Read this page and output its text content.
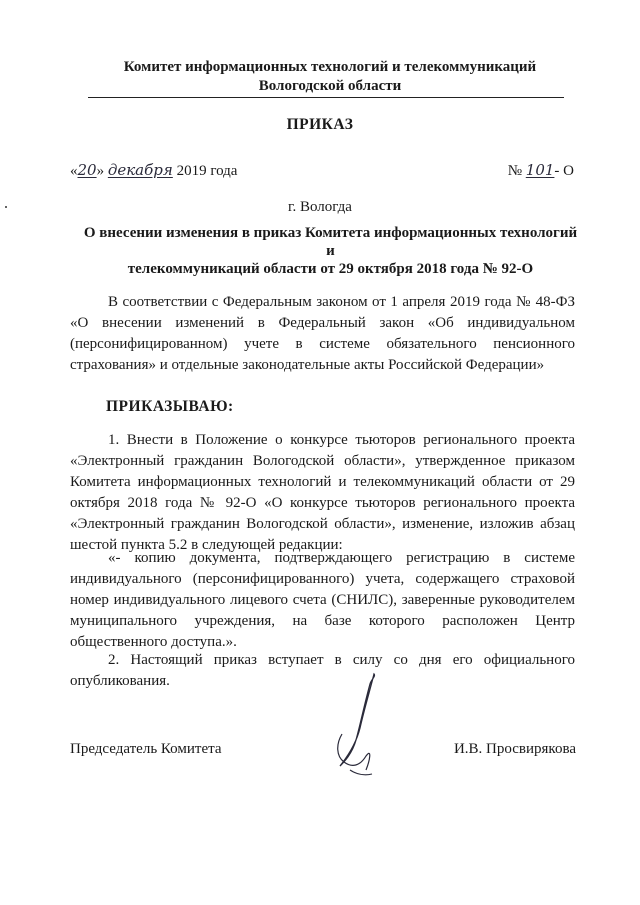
Комитет информационных технологий и телекоммуникаций
Вологодской области
ПРИКАЗ
«20» декабря 2019 года	№ 101- О
г. Вологда
О внесении изменения в приказ Комитета информационных технологий и
телекоммуникаций области от 29 октября 2018 года № 92-О
В соответствии с Федеральным законом от 1 апреля 2019 года № 48-ФЗ «О внесении изменений в Федеральный закон «Об индивидуальном (персонифицированном) учете в системе обязательного пенсионного страхования» и отдельные законодательные акты Российской Федерации»
ПРИКАЗЫВАЮ:
1. Внести в Положение о конкурсе тьюторов регионального проекта «Электронный гражданин Вологодской области», утвержденное приказом Комитета информационных технологий и телекоммуникаций области от 29 октября 2018 года № 92-О «О конкурсе тьюторов регионального проекта «Электронный гражданин Вологодской области», изменение, изложив абзац шестой пункта 5.2 в следующей редакции:
«- копию документа, подтверждающего регистрацию в системе индивидуального (персонифицированного) учета, содержащего страховой номер индивидуального лицевого счета (СНИЛС), заверенные руководителем муниципального учреждения, на базе которого расположен Центр общественного доступа.».
2. Настоящий приказ вступает в силу со дня его официального опубликования.
Председатель Комитета	И.В. Просвирякова
